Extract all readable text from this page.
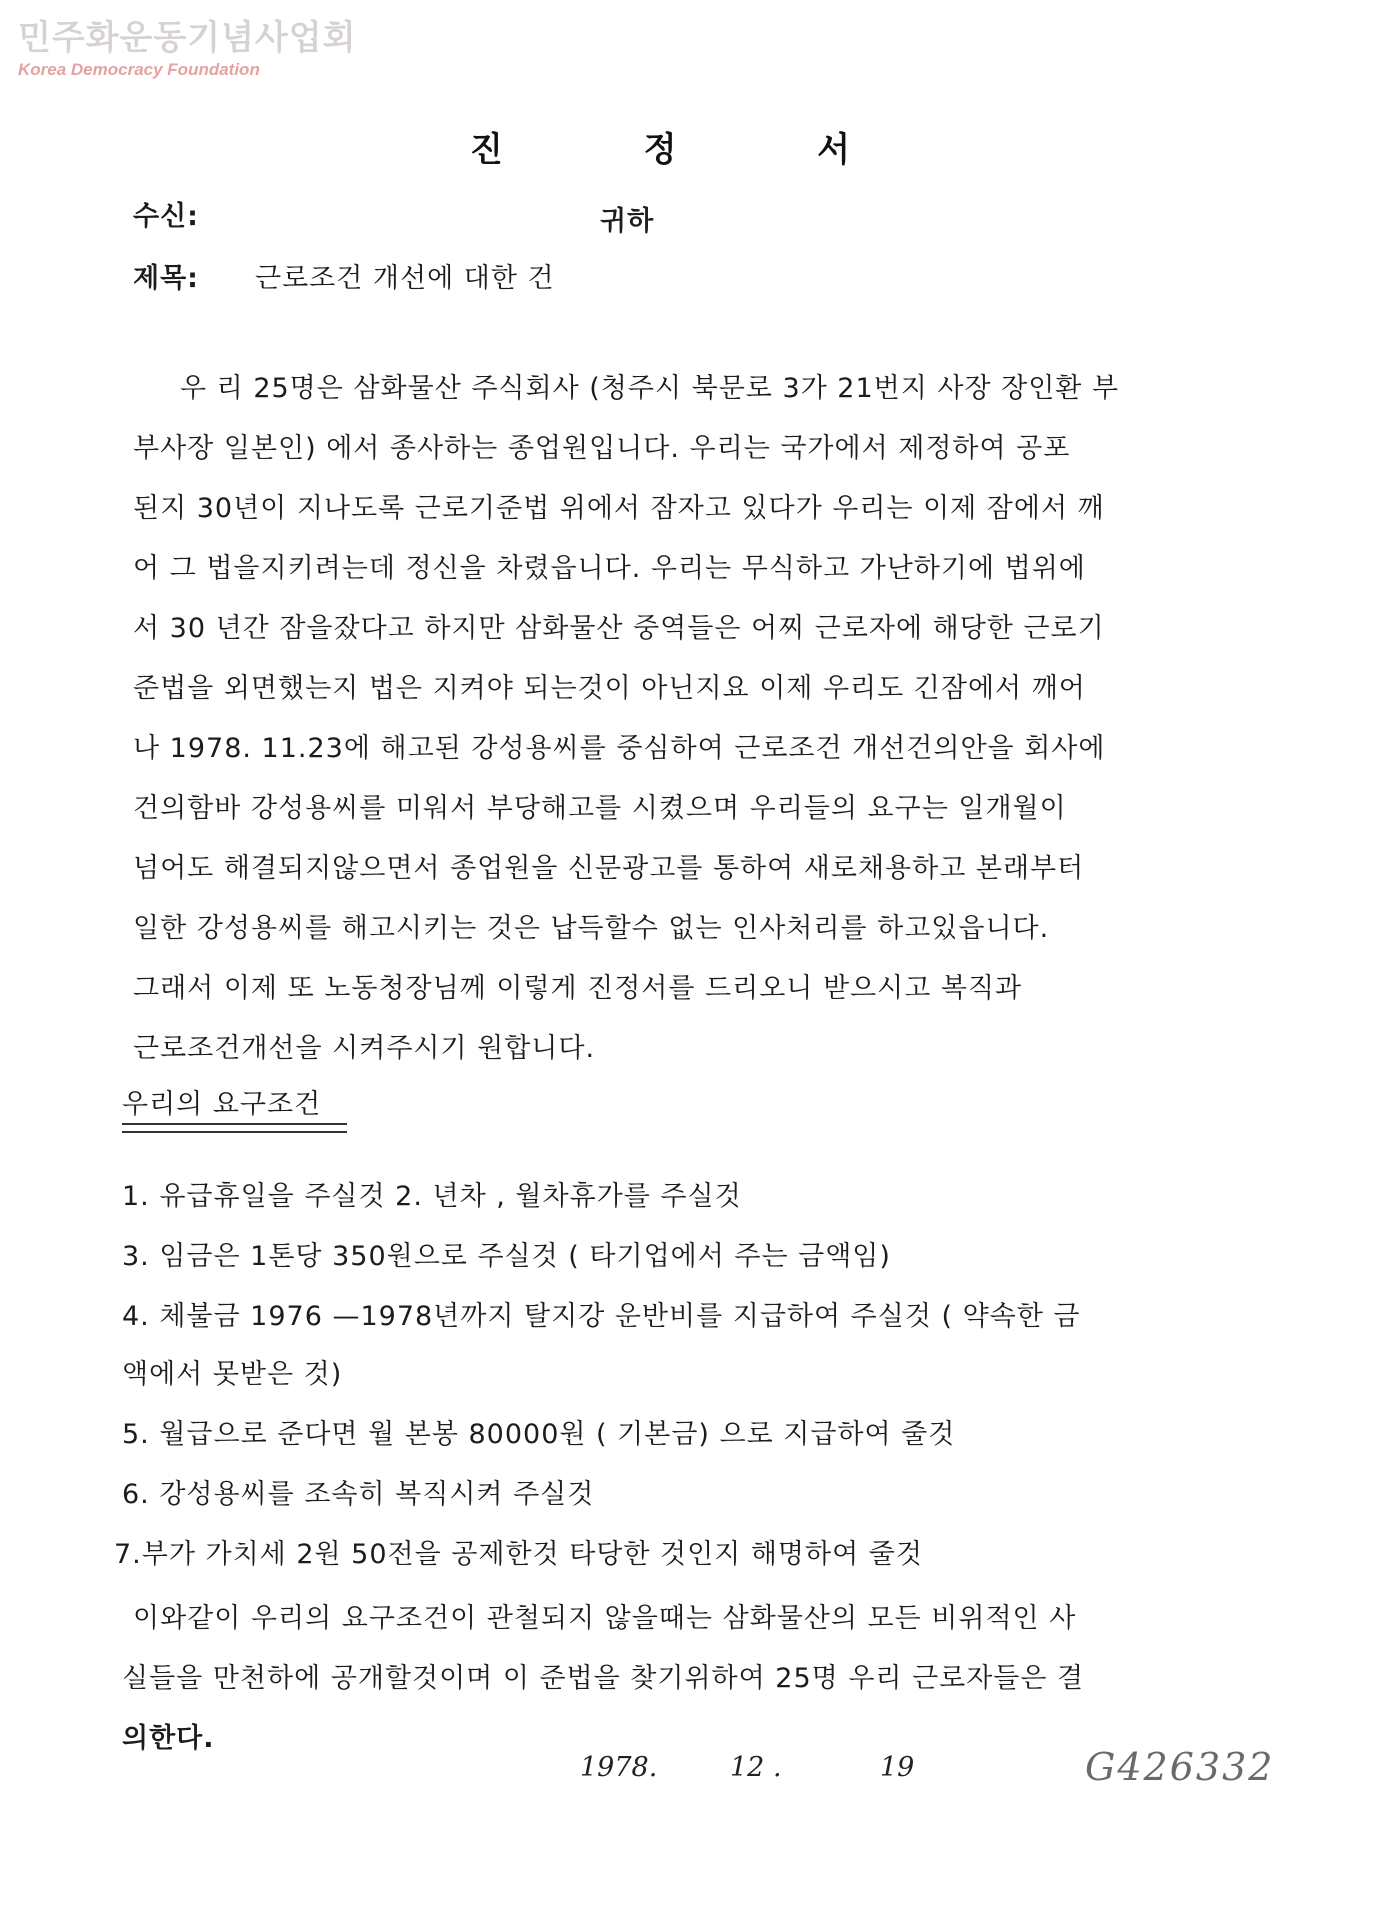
민주화운동기념사업회
Korea Democracy Foundation
진	정	서
수신:	귀하
제목: 근로조건 개선에 대한 건
우 리 25명은 삼화물산 주식회사 (청주시 북문로 3가 21번지 사장 장인환 부
부사장 일본인) 에서 종사하는 종업원입니다. 우리는 국가에서 제정하여 공포
된지 30년이 지나도록 근로기준법 위에서 잠자고 있다가 우리는 이제 잠에서 깨
어 그 법을지키려는데 정신을 차렸읍니다. 우리는 무식하고 가난하기에 법위에
서 30 년간 잠을잤다고 하지만 삼화물산 중역들은 어찌 근로자에 해당한 근로기
준법을 외면했는지 법은 지켜야 되는것이 아닌지요 이제 우리도 긴잠에서 깨어
나 1978. 11.23에 해고된 강성용씨를 중심하여 근로조건 개선건의안을 회사에
건의함바 강성용씨를 미워서 부당해고를 시켰으며 우리들의 요구는 일개월이
넘어도 해결되지않으면서 종업원을 신문광고를 통하여 새로채용하고 본래부터
일한 강성용씨를 해고시키는 것은 납득할수 없는 인사처리를 하고있읍니다.
그래서 이제 또 노동청장님께 이렇게 진정서를 드리오니 받으시고 복직과
근로조건개선을 시켜주시기 원합니다.
우리의 요구조건
1. 유급휴일을 주실것 2. 년차 , 월차휴가를 주실것
3. 임금은 1톤당 350원으로 주실것 ( 타기업에서 주는 금액임)
4. 체불금 1976 —1978년까지 탈지강 운반비를 지급하여 주실것 ( 약속한 금
액에서 못받은 것)
5. 월급으로 준다면 월 본봉 80000원 ( 기본금) 으로 지급하여 줄것
6. 강성용씨를 조속히 복직시켜 주실것
7.부가 가치세 2원 50전을 공제한것 타당한 것인지 해명하여 줄것
이와같이 우리의 요구조건이 관철되지 않을때는 삼화물산의 모든 비위적인 사
실들을 만천하에 공개할것이며 이 준법을 찾기위하여 25명 우리 근로자들은 결
의한다.
1978.	12 .	19	G426332
